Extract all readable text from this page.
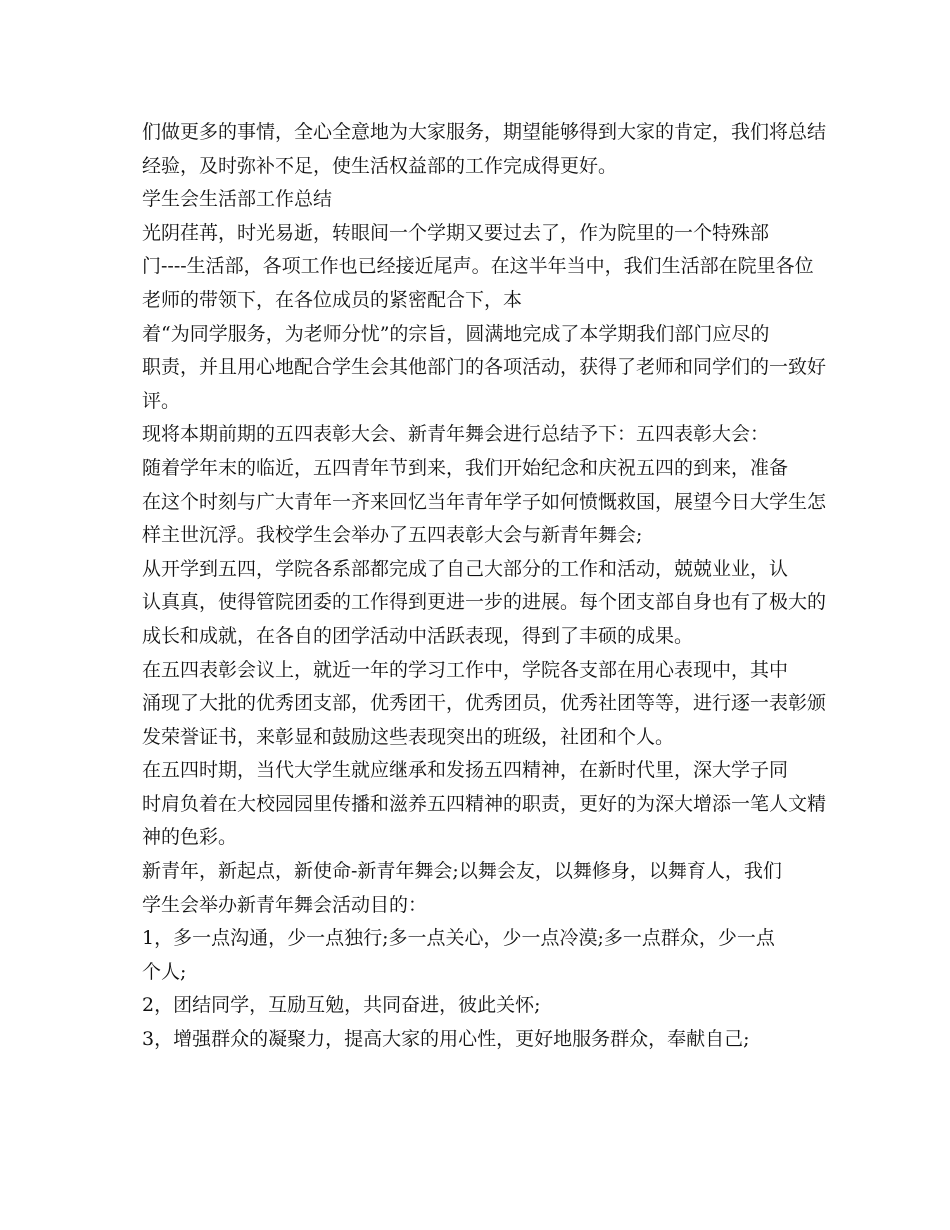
们做更多的事情，全心全意地为大家服务，期望能够得到大家的肯定，我们将总结
经验，及时弥补不足，使生活权益部的工作完成得更好。
学生会生活部工作总结
光阴荏苒，时光易逝，转眼间一个学期又要过去了，作为院里的一个特殊部
门----生活部，各项工作也已经接近尾声。在这半年当中，我们生活部在院里各位
老师的带领下，在各位成员的紧密配合下，本
着“为同学服务，为老师分忧”的宗旨，圆满地完成了本学期我们部门应尽的
职责，并且用心地配合学生会其他部门的各项活动，获得了老师和同学们的一致好
评。
现将本期前期的五四表彰大会、新青年舞会进行总结予下：五四表彰大会：
随着学年末的临近，五四青年节到来，我们开始纪念和庆祝五四的到来，准备
在这个时刻与广大青年一齐来回忆当年青年学子如何愤慨救国，展望今日大学生怎
样主世沉浮。我校学生会举办了五四表彰大会与新青年舞会;
从开学到五四，学院各系部都完成了自己大部分的工作和活动，兢兢业业，认
认真真，使得管院团委的工作得到更进一步的进展。每个团支部自身也有了极大的
成长和成就，在各自的团学活动中活跃表现，得到了丰硕的成果。
在五四表彰会议上，就近一年的学习工作中，学院各支部在用心表现中，其中
涌现了大批的优秀团支部，优秀团干，优秀团员，优秀社团等等，进行逐一表彰颁
发荣誉证书，来彰显和鼓励这些表现突出的班级，社团和个人。
在五四时期，当代大学生就应继承和发扬五四精神，在新时代里，深大学子同
时肩负着在大校园园里传播和滋养五四精神的职责，更好的为深大增添一笔人文精
神的色彩。
新青年，新起点，新使命-新青年舞会;以舞会友，以舞修身，以舞育人，我们
学生会举办新青年舞会活动目的：
1，多一点沟通，少一点独行;多一点关心，少一点冷漠;多一点群众，少一点
个人;
2，团结同学，互励互勉，共同奋进，彼此关怀;
3，增强群众的凝聚力，提高大家的用心性，更好地服务群众，奉献自己;
